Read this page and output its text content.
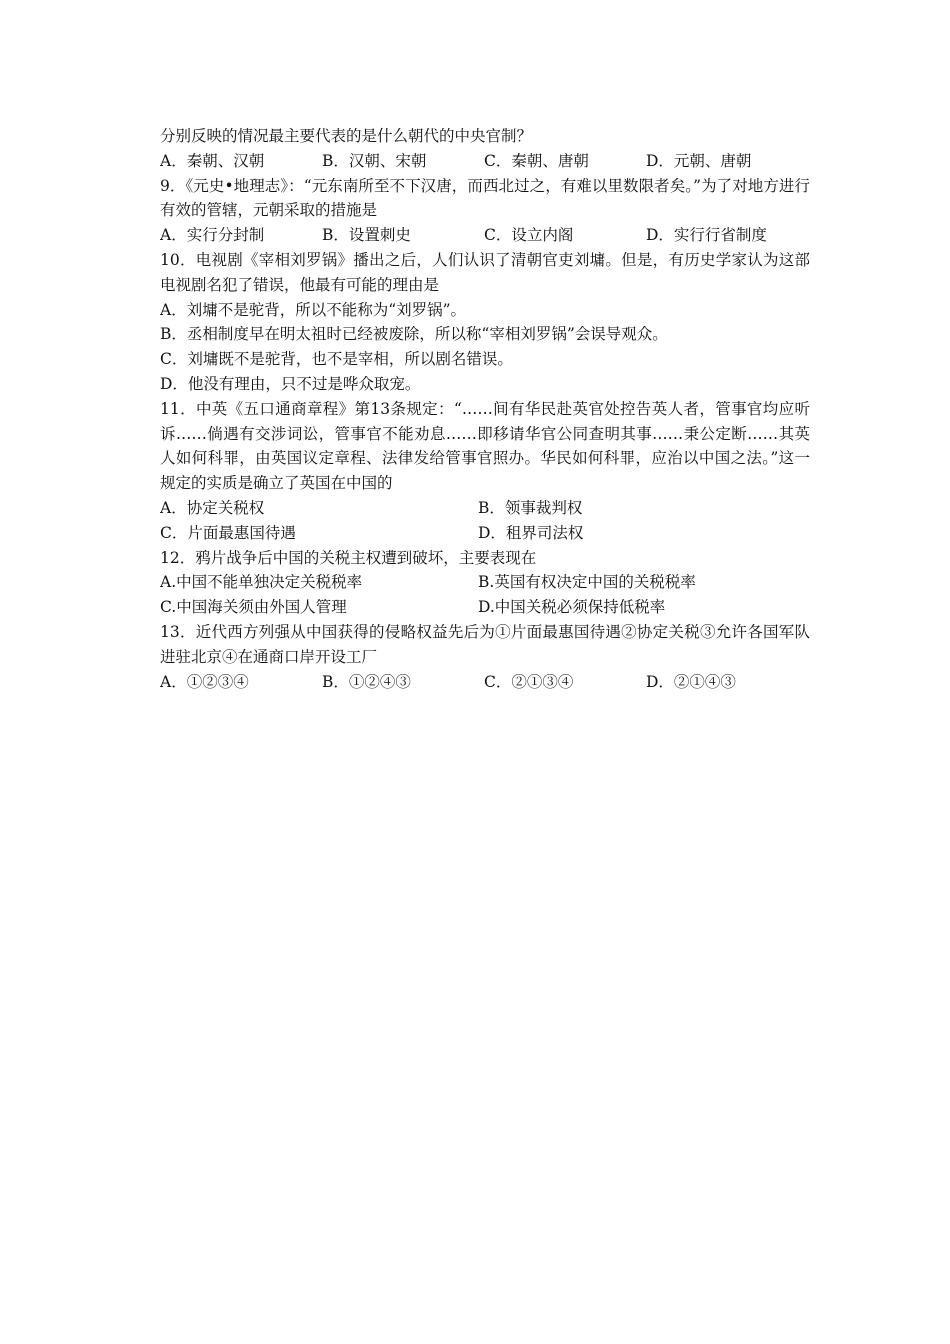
分别反映的情况最主要代表的是什么朝代的中央官制？
A．秦朝、汉朝	B．汉朝、宋朝	C．秦朝、唐朝	D．元朝、唐朝
9．《元史•地理志》：“元东南所至不下汉唐，而西北过之，有难以里数限者矣。”为了对地方进行有效的管辖，元朝采取的措施是
A．实行分封制	B．设置刺史	C．设立内阁	D．实行行省制度
10．电视剧《宰相刘罗锅》播出之后，人们认识了清朝官吏刘墉。但是，有历史学家认为这部电视剧名犯了错误，他最有可能的理由是
A．刘墉不是驼背，所以不能称为“刘罗锅”。
B．丞相制度早在明太祖时已经被废除，所以称“宰相刘罗锅”会误导观众。
C．刘墉既不是驼背，也不是宰相，所以剧名错误。
D．他没有理由，只不过是哗众取宠。
11．中英《五口通商章程》第13条规定：“……间有华民赴英官处控告英人者，管事官均应听诉……倘遇有交涉词讼，管事官不能劝息……即移请华官公同查明其事……秉公定断……其英人如何科罪，由英国议定章程、法律发给管事官照办。华民如何科罪，应治以中国之法。”这一规定的实质是确立了英国在中国的
A．协定关税权	B．领事裁判权
C．片面最惠国待遇	D．租界司法权
12．鸦片战争后中国的关税主权遭到破坏，主要表现在
A.中国不能单独决定关税税率	B.英国有权决定中国的关税税率
C.中国海关须由外国人管理	D.中国关税必须保持低税率
13．近代西方列强从中国获得的侵略权益先后为①片面最惠国待遇②协定关税③允许各国军队进驻北京④在通商口岸开设工厂
A．①②③④	B．①②④③	C．②①③④	D．②①④③
